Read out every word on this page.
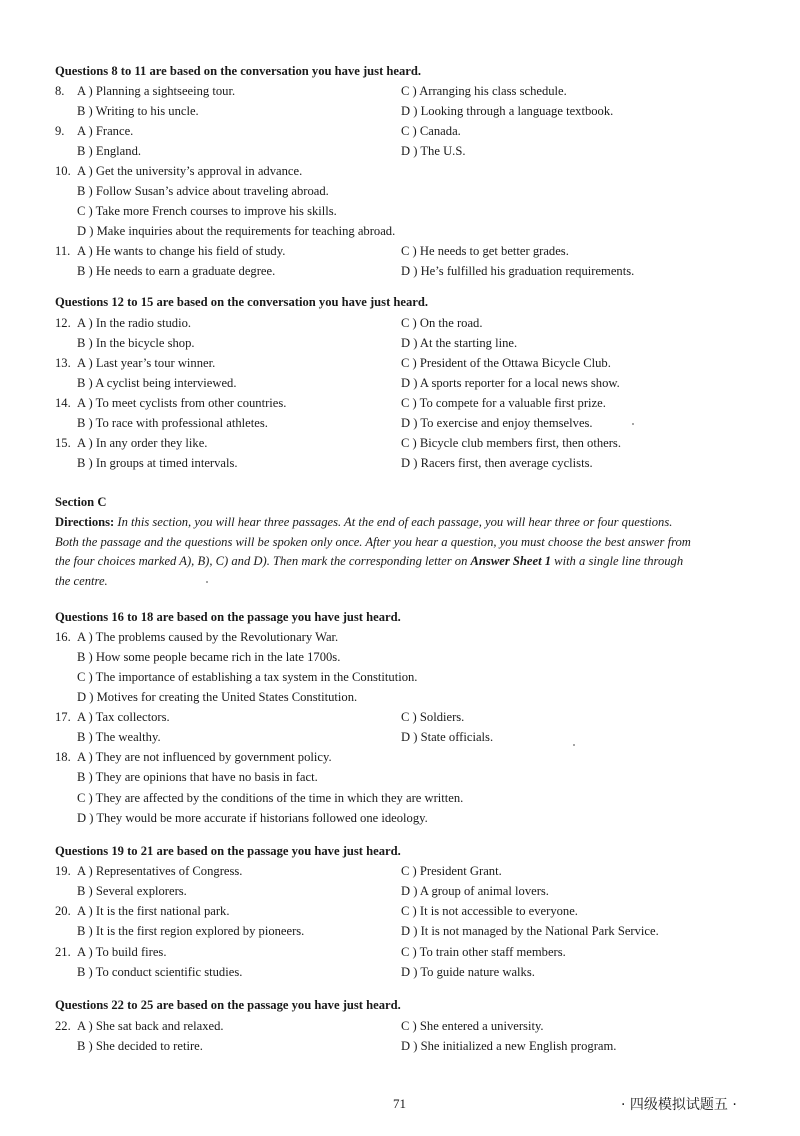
Questions 8 to 11 are based on the conversation you have just heard.
8. A ) Planning a sightseeing tour.	C ) Arranging his class schedule.
B ) Writing to his uncle.	D ) Looking through a language textbook.
9. A ) France.	C ) Canada.
B ) England.	D ) The U.S.
10. A ) Get the university’s approval in advance.
B ) Follow Susan’s advice about traveling abroad.
C ) Take more French courses to improve his skills.
D ) Make inquiries about the requirements for teaching abroad.
11. A ) He wants to change his field of study.	C ) He needs to get better grades.
B ) He needs to earn a graduate degree.	D ) He’s fulfilled his graduation requirements.
Questions 12 to 15 are based on the conversation you have just heard.
12. A ) In the radio studio.	C ) On the road.
B ) In the bicycle shop.	D ) At the starting line.
13. A ) Last year’s tour winner.	C ) President of the Ottawa Bicycle Club.
B ) A cyclist being interviewed.	D ) A sports reporter for a local news show.
14. A ) To meet cyclists from other countries.	C ) To compete for a valuable first prize.
B ) To race with professional athletes.	D ) To exercise and enjoy themselves.
15. A ) In any order they like.	C ) Bicycle club members first, then others.
B ) In groups at timed intervals.	D ) Racers first, then average cyclists.
Section C

Directions: In this section, you will hear three passages. At the end of each passage, you will hear three or four questions.

Both the passage and the questions will be spoken only once. After you hear a question, you must choose the best answer from

the four choices marked A), B), C) and D). Then mark the corresponding letter on Answer Sheet 1 with a single line through

the centre.

Questions 16 to 18 are based on the passage you have just heard.
16. A ) The problems caused by the Revolutionary War.
B ) How some people became rich in the late 1700s.
C ) The importance of establishing a tax system in the Constitution.
D ) Motives for creating the United States Constitution.
17. A ) Tax collectors.	C ) Soldiers.
B ) The wealthy.	D ) State officials.
18. A ) They are not influenced by government policy.
B ) They are opinions that have no basis in fact.
C ) They are affected by the conditions of the time in which they are written.
D ) They would be more accurate if historians followed one ideology.
Questions 19 to 21 are based on the passage you have just heard.
19. A ) Representatives of Congress.	C ) President Grant.
B ) Several explorers.	D ) A group of animal lovers.
20. A ) It is the first national park.	C ) It is not accessible to everyone.
B ) It is the first region explored by pioneers.	D ) It is not managed by the National Park Service.
21. A ) To build fires.	C ) To train other staff members.
B ) To conduct scientific studies.	D ) To guide nature walks.
Questions 22 to 25 are based on the passage you have just heard.
22. A ) She sat back and relaxed.	C ) She entered a university.
B ) She decided to retire.	D ) She initialized a new English program.
71	· 四级模拟试题五 ·
